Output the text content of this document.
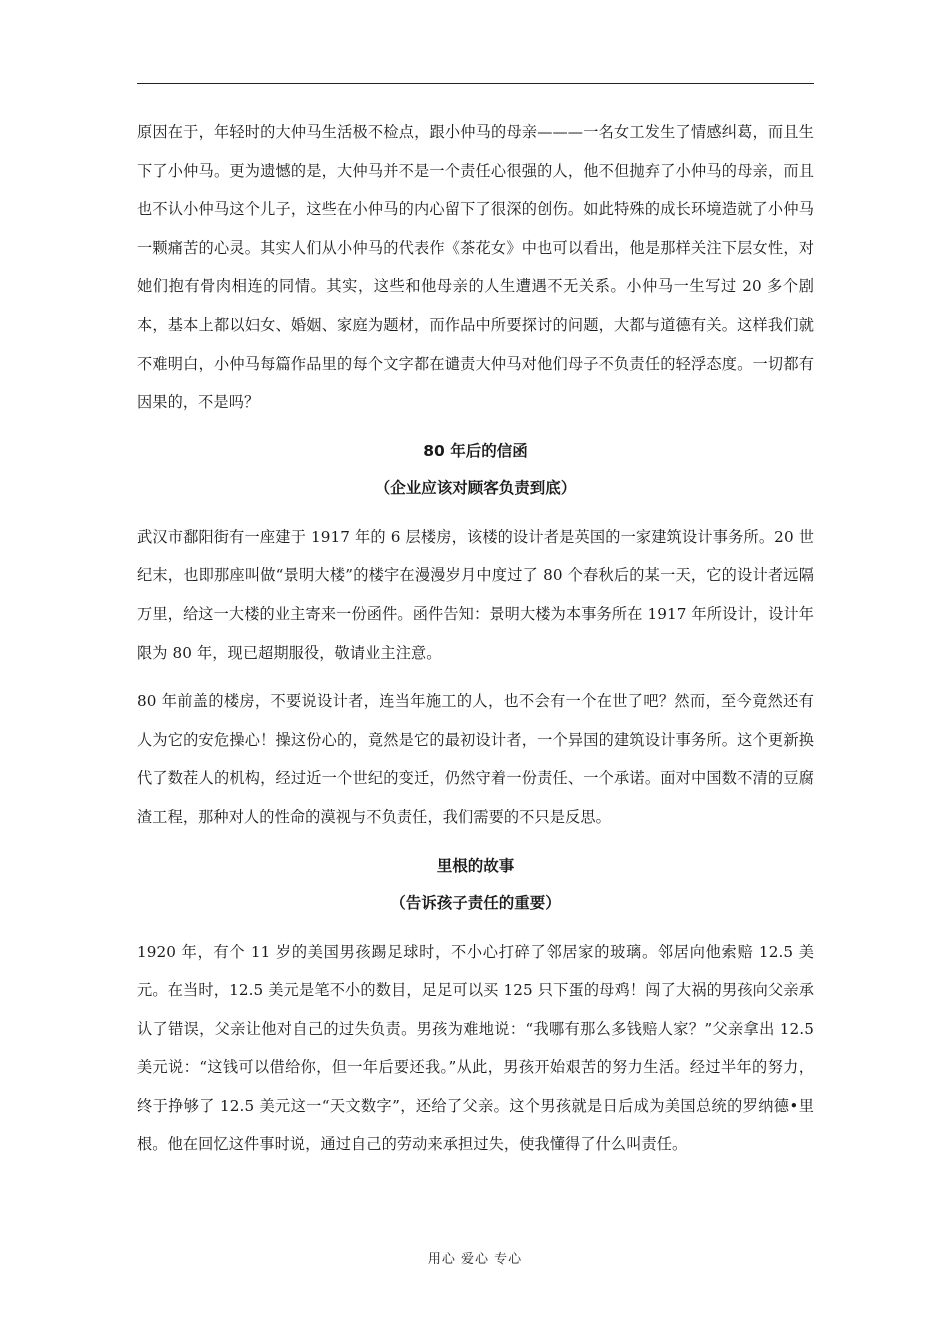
原因在于，年轻时的大仲马生活极不检点，跟小仲马的母亲———一名女工发生了情感纠葛，而且生下了小仲马。更为遗憾的是，大仲马并不是一个责任心很强的人，他不但抛弃了小仲马的母亲，而且也不认小仲马这个儿子，这些在小仲马的内心留下了很深的创伤。如此特殊的成长环境造就了小仲马一颗痛苦的心灵。其实人们从小仲马的代表作《茶花女》中也可以看出，他是那样关注下层女性，对她们抱有骨肉相连的同情。其实，这些和他母亲的人生遭遇不无关系。小仲马一生写过 20 多个剧本，基本上都以妇女、婚姻、家庭为题材，而作品中所要探讨的问题，大都与道德有关。这样我们就不难明白，小仲马每篇作品里的每个文字都在谴责大仲马对他们母子不负责任的轻浮态度。一切都有因果的，不是吗？

80 年后的信函

（企业应该对顾客负责到底）

武汉市鄱阳街有一座建于 1917 年的 6 层楼房，该楼的设计者是英国的一家建筑设计事务所。20 世纪末，也即那座叫做“景明大楼”的楼宇在漫漫岁月中度过了 80 个春秋后的某一天，它的设计者远隔万里，给这一大楼的业主寄来一份函件。函件告知：景明大楼为本事务所在 1917 年所设计，设计年限为 80 年，现已超期服役，敬请业主注意。

80 年前盖的楼房，不要说设计者，连当年施工的人，也不会有一个在世了吧？然而，至今竟然还有人为它的安危操心！操这份心的，竟然是它的最初设计者，一个异国的建筑设计事务所。这个更新换代了数茬人的机构，经过近一个世纪的变迁，仍然守着一份责任、一个承诺。面对中国数不清的豆腐渣工程，那种对人的性命的漠视与不负责任，我们需要的不只是反思。

里根的故事

（告诉孩子责任的重要）

1920 年，有个 11 岁的美国男孩踢足球时，不小心打碎了邻居家的玻璃。邻居向他索赔 12.5 美元。在当时，12.5 美元是笔不小的数目，足足可以买 125 只下蛋的母鸡！闯了大祸的男孩向父亲承认了错误，父亲让他对自己的过失负责。男孩为难地说：“我哪有那么多钱赔人家？”父亲拿出 12.5 美元说：“这钱可以借给你，但一年后要还我。”从此，男孩开始艰苦的努力生活。经过半年的努力，终于挣够了 12.5 美元这一“天文数字”，还给了父亲。这个男孩就是日后成为美国总统的罗纳德•里根。他在回忆这件事时说，通过自己的劳动来承担过失，使我懂得了什么叫责任。

用心 爱心 专心
